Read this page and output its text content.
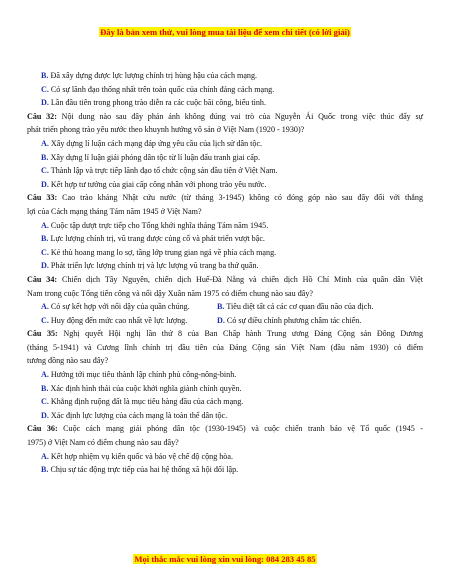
Đây là bản xem thử, vui lòng mua tài liệu để xem chi tiết (có lời giải)
B. Đã xây dựng được lực lượng chính trị hùng hậu của cách mạng.
C. Có sự lãnh đạo thống nhất trên toàn quốc của chính đảng cách mạng.
D. Lần đầu tiên trong phong trào diễn ra các cuộc bãi công, biểu tình.
Câu 32: Nội dung nào sau đây phản ánh không đúng vai trò của Nguyễn Ái Quốc trong việc thúc đẩy sự
phát triển phong trào yêu nước theo khuynh hướng vô sản ở Việt Nam (1920 - 1930)?
A. Xây dựng lí luận cách mạng đáp ứng yêu cầu của lịch sử dân tộc.
B. Xây dựng lí luận giải phóng dân tộc từ lí luận đấu tranh giai cấp.
C. Thành lập và trực tiếp lãnh đạo tổ chức cộng sản đầu tiên ở Việt Nam.
D. Kết hợp tư tưởng của giai cấp công nhân với phong trào yêu nước.
Câu 33: Cao trào kháng Nhật cứu nước (từ tháng 3-1945) không có đóng góp nào sau đây đối với thắng
lợi của Cách mạng tháng Tám năm 1945 ở Việt Nam?
A. Cuộc tập dượt trực tiếp cho Tổng khởi nghĩa tháng Tám năm 1945.
B. Lực lượng chính trị, vũ trang được củng cố và phát triển vượt bậc.
C. Kẻ thù hoang mang lo sợ, tầng lớp trung gian ngả về phía cách mạng.
D. Phát triển lực lượng chính trị và lực lượng vũ trang ba thứ quân.
Câu 34: Chiến dịch Tây Nguyên, chiến dịch Huế-Đà Nẵng và chiến dịch Hồ Chí Minh của quân dân Việt
Nam trong cuộc Tổng tiến công và nổi dậy Xuân năm 1975 có điểm chung nào sau đây?
A. Có sự kết hợp với nổi dậy của quần chúng.	B. Tiêu diệt tất cả các cơ quan đầu não của địch.
C. Huy động đến mức cao nhất về lực lượng.	D. Có sự điều chỉnh phương châm tác chiến.
Câu 35: Nghị quyết Hội nghị lần thứ 8 của Ban Chấp hành Trung ương Đảng Cộng sản Đông Dương
(tháng 5-1941) và Cương lĩnh chính trị đầu tiên của Đảng Cộng sản Việt Nam (đầu năm 1930) có điểm
tương đồng nào sau đây?
A. Hướng tới mục tiêu thành lập chính phủ công-nông-binh.
B. Xác định hình thái của cuộc khởi nghĩa giành chính quyền.
C. Khẳng định ruộng đất là mục tiêu hàng đầu của cách mạng.
D. Xác định lực lượng của cách mạng là toàn thể dân tộc.
Câu 36: Cuộc cách mạng giải phóng dân tộc (1930-1945) và cuộc chiến tranh bảo vệ Tổ quốc (1945 -
1975) ở Việt Nam có điểm chung nào sau đây?
A. Kết hợp nhiệm vụ kiến quốc và bảo vệ chế độ cộng hòa.
B. Chịu sự tác động trực tiếp của hai hệ thống xã hội đối lập.
Mọi thắc mắc vui lòng xin vui lòng: 084 283 45 85
